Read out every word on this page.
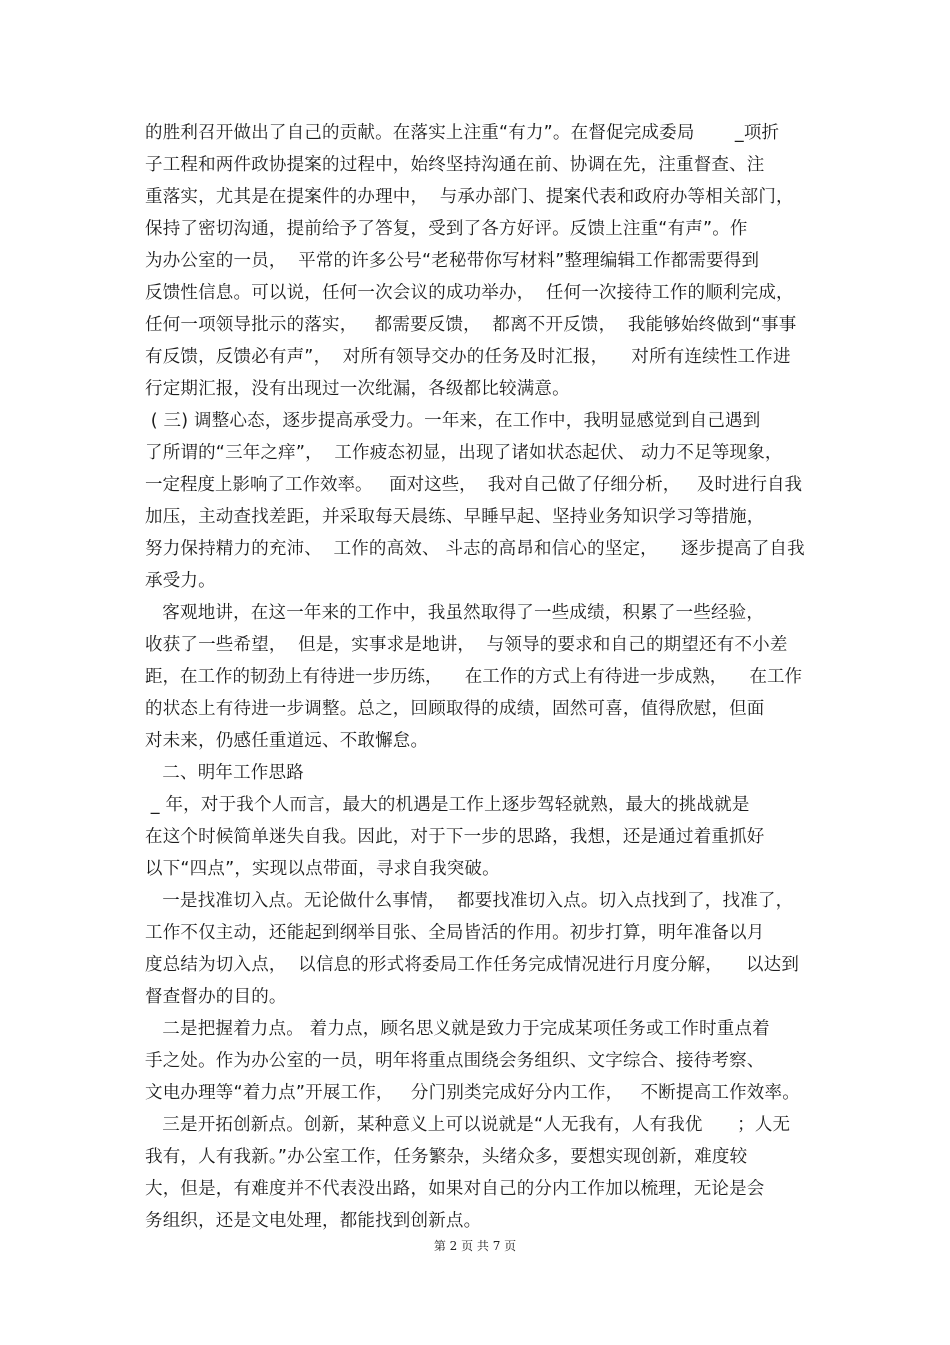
的胜利召开做出了自己的贡献。在落实上注重“有力”。在督促完成委局       _项折

子工程和两件政协提案的过程中，始终坚持沟通在前、协调在先，注重督查、注

重落实，尤其是在提案件的办理中，  与承办部门、提案代表和政府办等相关部门，

保持了密切沟通，提前给予了答复，受到了各方好评。反馈上注重“有声”。作

为办公室的一员，  平常的许多公号“老秘带你写材料”整理编辑工作都需要得到

反馈性信息。可以说，任何一次会议的成功举办，  任何一次接待工作的顺利完成，

任何一项领导批示的落实，   都需要反馈，  都离不开反馈，  我能够始终做到“事事

有反馈，反馈必有声”，  对所有领导交办的任务及时汇报，    对所有连续性工作进

行定期汇报，没有出现过一次纰漏，各级都比较满意。

( 三) 调整心态，逐步提高承受力。一年来，在工作中，我明显感觉到自己遇到

了所谓的“三年之痒”，  工作疲态初显，出现了诸如状态起伏、 动力不足等现象，

一定程度上影响了工作效率。   面对这些，  我对自己做了仔细分析，   及时进行自我

加压，主动查找差距，并采取每天晨练、早睡早起、坚持业务知识学习等措施，

努力保持精力的充沛、  工作的高效、 斗志的高昂和信心的坚定，    逐步提高了自我

承受力。

客观地讲，在这一年来的工作中，我虽然取得了一些成绩，积累了一些经验，

收获了一些希望，  但是，实事求是地讲，  与领导的要求和自己的期望还有不小差

距，在工作的韧劲上有待进一步历练，    在工作的方式上有待进一步成熟，    在工作

的状态上有待进一步调整。总之，回顾取得的成绩，固然可喜，值得欣慰，但面

对未来，仍感任重道远、不敢懈怠。

二、明年工作思路

_ 年，对于我个人而言，最大的机遇是工作上逐步驾轻就熟，最大的挑战就是

在这个时候简单迷失自我。因此，对于下一步的思路，我想，还是通过着重抓好

以下“四点”，实现以点带面，寻求自我突破。

一是找准切入点。无论做什么事情，  都要找准切入点。切入点找到了，找准了，

工作不仅主动，还能起到纲举目张、全局皆活的作用。初步打算，明年准备以月

度总结为切入点，  以信息的形式将委局工作任务完成情况进行月度分解，    以达到

督查督办的目的。

二是把握着力点。 着力点，顾名思义就是致力于完成某项任务或工作时重点着

手之处。作为办公室的一员，明年将重点围绕会务组织、文字综合、接待考察、

文电办理等“着力点”开展工作，   分门别类完成好分内工作，   不断提高工作效率。

三是开拓创新点。创新，某种意义上可以说就是“人无我有，人有我优      ；人无

我有，人有我新。”办公室工作，任务繁杂，头绪众多，要想实现创新，难度较

大，但是，有难度并不代表没出路，如果对自己的分内工作加以梳理，无论是会

务组织，还是文电处理，都能找到创新点。

第 2 页 共 7 页
